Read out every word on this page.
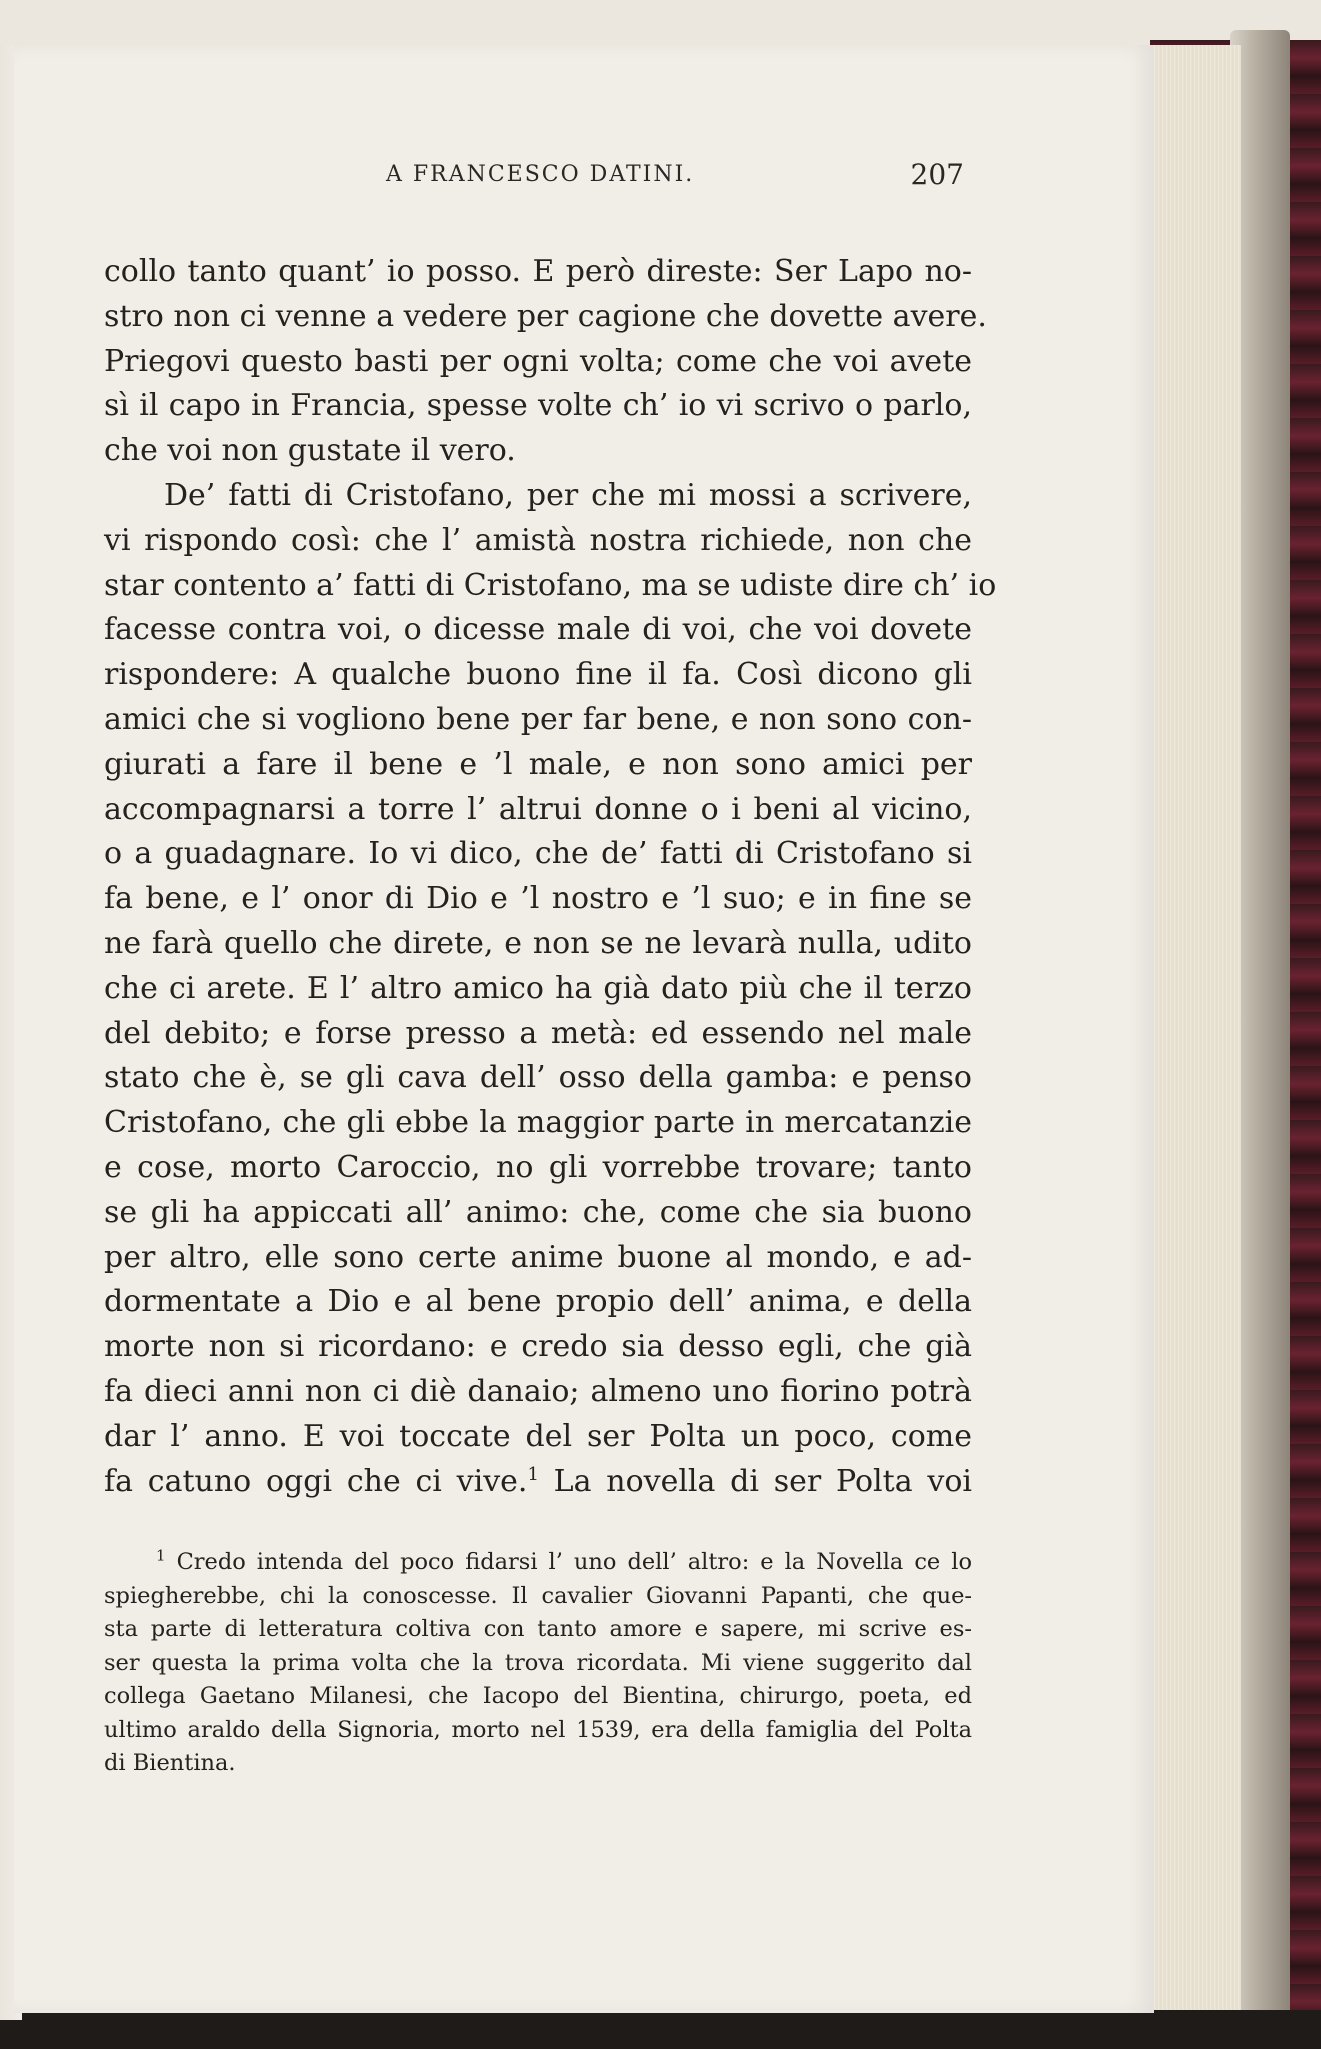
A FRANCESCO DATINI.	207
collo tanto quant’ io posso. E però direste: Ser Lapo no-
stro non ci venne a vedere per cagione che dovette avere.
Priegovi questo basti per ogni volta; come che voi avete
sì il capo in Francia, spesse volte ch’ io vi scrivo o parlo,
che voi non gustate il vero.
De’ fatti di Cristofano, per che mi mossi a scrivere,
vi rispondo così: che l’ amistà nostra richiede, non che
star contento a’ fatti di Cristofano, ma se udiste dire ch’ io
facesse contra voi, o dicesse male di voi, che voi dovete
rispondere: A qualche buono fine il fa. Così dicono gli
amici che si vogliono bene per far bene, e non sono con-
giurati a fare il bene e ’l male, e non sono amici per
accompagnarsi a torre l’ altrui donne o i beni al vicino,
o a guadagnare. Io vi dico, che de’ fatti di Cristofano si
fa bene, e l’ onor di Dio e ’l nostro e ’l suo; e in fine se
ne farà quello che direte, e non se ne levarà nulla, udito
che ci arete. E l’ altro amico ha già dato più che il terzo
del debito; e forse presso a metà: ed essendo nel male
stato che è, se gli cava dell’ osso della gamba: e penso
Cristofano, che gli ebbe la maggior parte in mercatanzie
e cose, morto Caroccio, no gli vorrebbe trovare; tanto
se gli ha appiccati all’ animo: che, come che sia buono
per altro, elle sono certe anime buone al mondo, e ad-
dormentate a Dio e al bene propio dell’ anima, e della
morte non si ricordano: e credo sia desso egli, che già
fa dieci anni non ci diè danaio; almeno uno fiorino potrà
dar l’ anno. E voi toccate del ser Polta un poco, come
fa catuno oggi che ci vive.$^1$ La novella di ser Polta voi
$^1$ Credo intenda del poco fidarsi l’ uno dell’ altro: e la Novella ce lo
spiegherebbe, chi la conoscesse. Il cavalier Giovanni Papanti, che que-
sta parte di letteratura coltiva con tanto amore e sapere, mi scrive es-
ser questa la prima volta che la trova ricordata. Mi viene suggerito dal
collega Gaetano Milanesi, che Iacopo del Bientina, chirurgo, poeta, ed
ultimo araldo della Signoria, morto nel 1539, era della famiglia del Polta
di Bientina.
